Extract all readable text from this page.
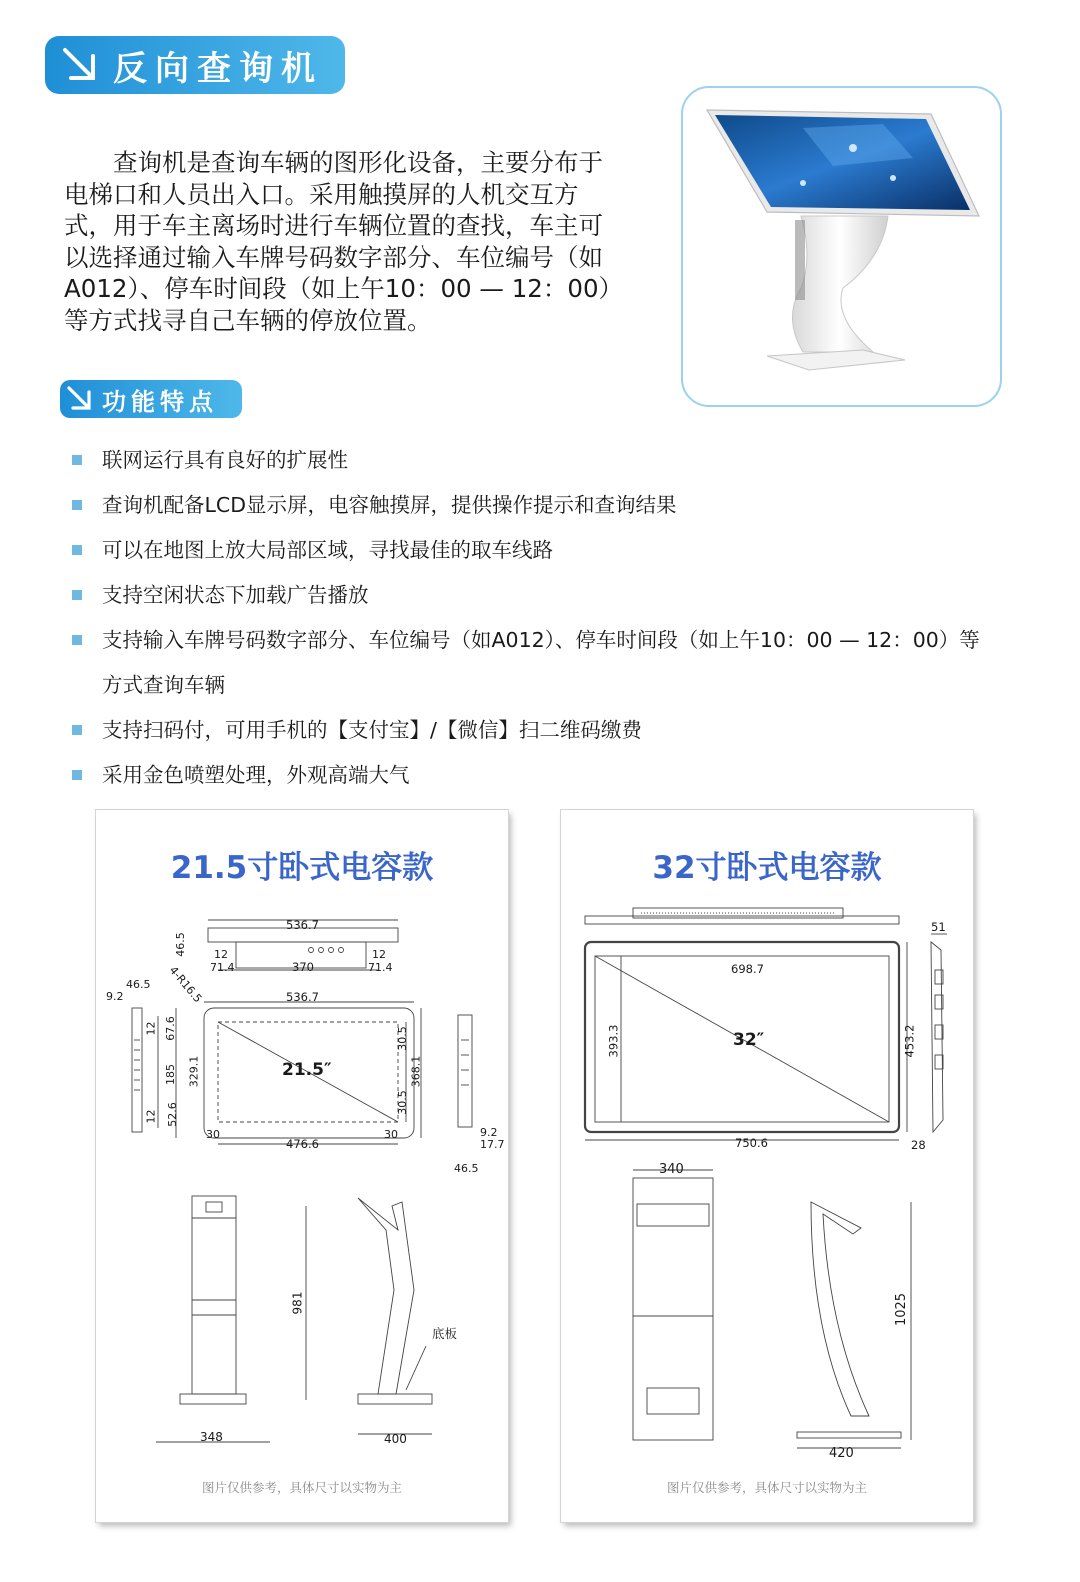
反向查询机

查询机是查询车辆的图形化设备，主要分布于电梯口和人员出入口。采用触摸屏的人机交互方式，用于车主离场时进行车辆位置的查找，车主可以选择通过输入车牌号码数字部分、车位编号（如A012）、停车时间段（如上午10：00 — 12：00）等方式找寻自己车辆的停放位置。

功能特点
联网运行具有良好的扩展性
查询机配备LCD显示屏，电容触摸屏，提供操作提示和查询结果
可以在地图上放大局部区域，寻找最佳的取车线路
支持空闲状态下加载广告播放
支持输入车牌号码数字部分、车位编号（如A012）、停车时间段（如上午10：00 — 12：00）等方式查询车辆
支持扫码付，可用手机的【支付宝】/【微信】扫二维码缴费
采用金色喷塑处理，外观高端大气
21.5寸卧式电容款
536.7
46.5 12	12
71.4	370	71.4
4-R16.5
46.5
9.2	536.7
12 67.6
185 329.1
52.6
12
30.5
368.1
30.5
21.5″
30
476.6
30	9.2
17.7
46.5
981
底板
348	400
图片仅供参考，具体尺寸以实物为主
32寸卧式电容款
51
698.7
393.3	32″	453.2
750.6	28
340
1025
420
图片仅供参考，具体尺寸以实物为主
